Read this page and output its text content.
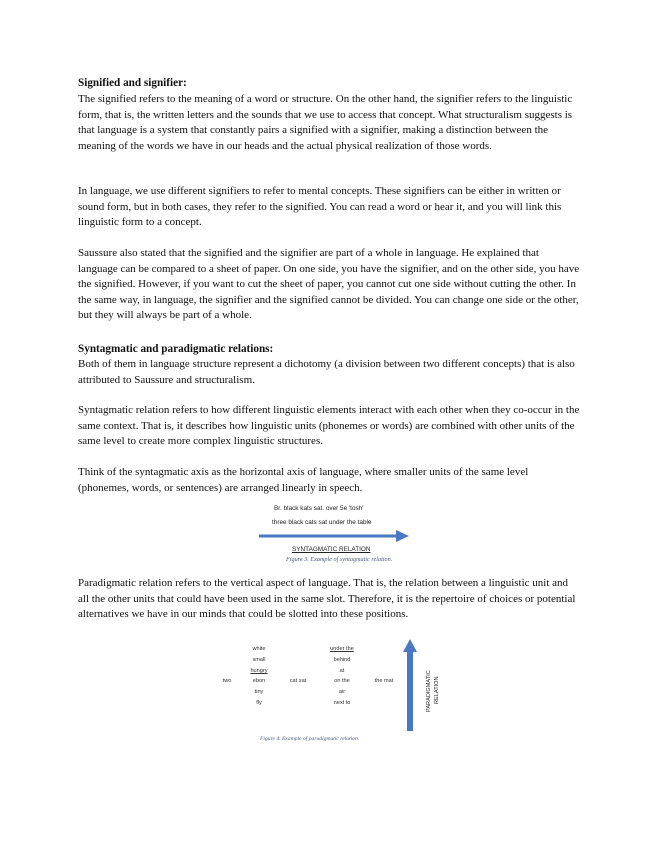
Signified and signifier:

The signified refers to the meaning of a word or structure. On the other hand, the signifier refers to the linguistic form, that is, the written letters and the sounds that we use to access that concept. What structuralism suggests is that language is a system that constantly pairs a signified with a signifier, making a distinction between the meaning of the words we have in our heads and the actual physical realization of those words.

In language, we use different signifiers to refer to mental concepts. These signifiers can be either in written or sound form, but in both cases, they refer to the signified. You can read a word or hear it, and you will link this linguistic form to a concept.

Saussure also stated that the signified and the signifier are part of a whole in language. He explained that language can be compared to a sheet of paper. On one side, you have the signifier, and on the other side, you have the signified. However, if you want to cut the sheet of paper, you cannot cut one side without cutting the other. In the same way, in language, the signifier and the signified cannot be divided. You can change one side or the other, but they will always be part of a whole.

Syntagmatic and paradigmatic relations:

Both of them in language structure represent a dichotomy (a division between two different concepts) that is also attributed to Saussure and structuralism.

Syntagmatic relation refers to how different linguistic elements interact with each other when they co-occur in the same context. That is, it describes how linguistic units (phonemes or words) are combined with other units of the same level to create more complex linguistic structures.

Think of the syntagmatic axis as the horizontal axis of language, where smaller units of the same level (phonemes, words, or sentences) are arranged linearly in speech.

Br. black kats sat. over 5e 'tosh'
three black cats sat under the table
SYNTAGMATIC RELATION
Figure 3. Example of syntagmatic relation.

Paradigmatic relation refers to the vertical aspect of language. That is, the relation between a linguistic unit and all the other units that could have been used in the same slot. Therefore, it is the repertoire of choices or potential alternatives we have in our minds that could be slotted into these positions.

two
white
small
hungry
ebon
tiny
fly
cat sat
under the
behind
at
on the
air
next to
the mat	PARADIGMATIC RELATION
Figure 4. Example of paradigmatic relation.
